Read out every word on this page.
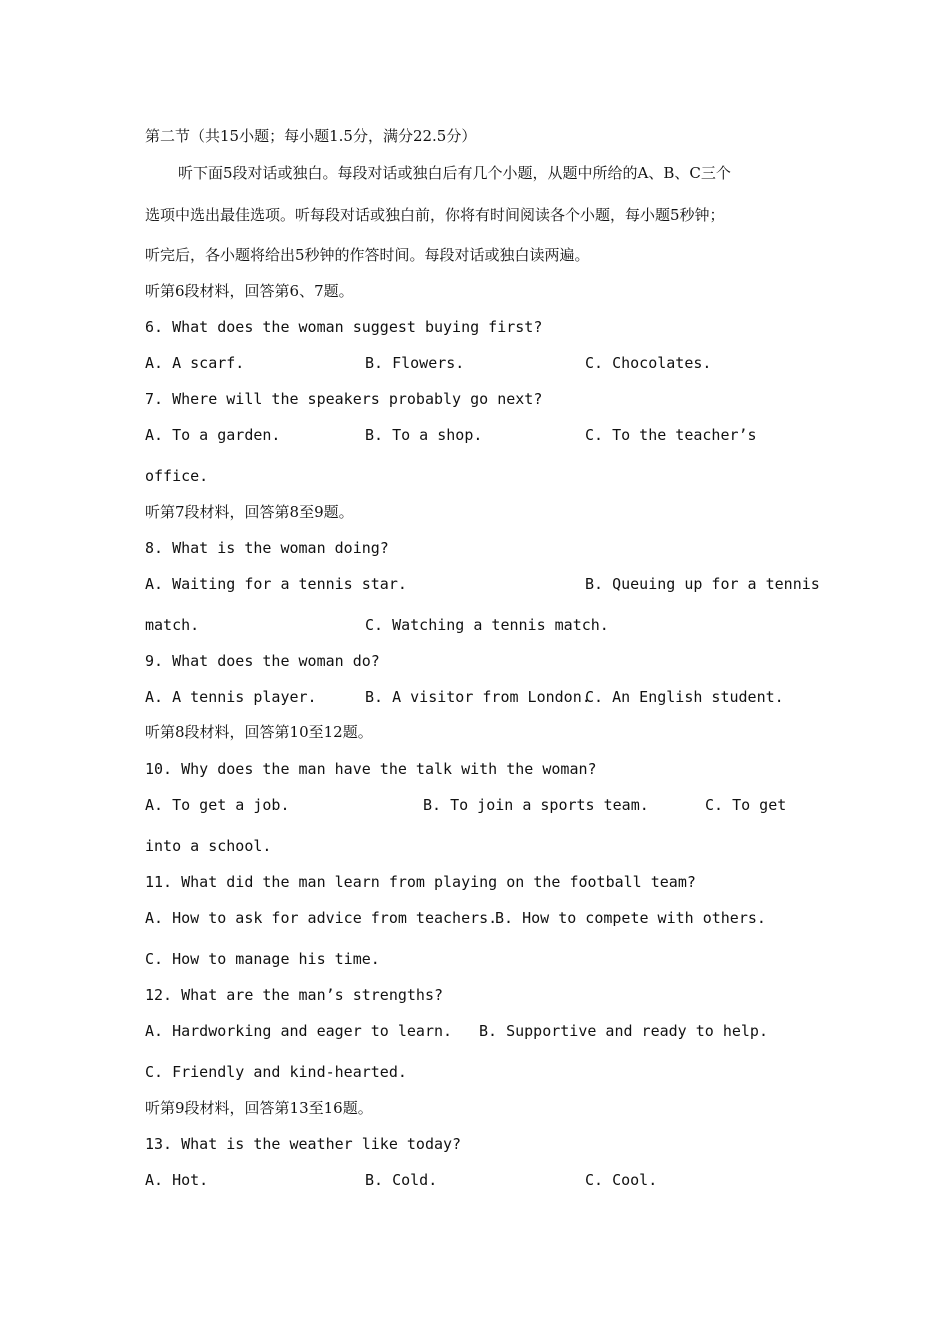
第二节（共15小题；每小题1.5分，满分22.5分）
听下面5段对话或独白。每段对话或独白后有几个小题，从题中所给的A、B、C三个
选项中选出最佳选项。听每段对话或独白前，你将有时间阅读各个小题，每小题5秒钟；
听完后，各小题将给出5秒钟的作答时间。每段对话或独白读两遍。
听第6段材料，回答第6、7题。
6. What does the woman suggest buying first?
A. A scarf.	B. Flowers.	C. Chocolates.
7. Where will the speakers probably go next?
A. To a garden.	B. To a shop.	C. To the teacher’s
office.
听第7段材料，回答第8至9题。
8. What is the woman doing?
A. Waiting for a tennis star.	B. Queuing up for a tennis
match.	C. Watching a tennis match.
9. What does the woman do?
A. A tennis player.	B. A visitor from London.
C. An English student.
听第8段材料，回答第10至12题。
10. Why does the man have the talk with the woman?
A. To get a job.	B. To join a sports team.	C. To get
into a school.
11. What did the man learn from playing on the football team?
A. How to ask for advice from teachers.
B. How to compete with others.
C. How to manage his time.
12. What are the man’s strengths?
A. Hardworking and eager to learn. B. Supportive and ready to help.
C. Friendly and kind-hearted.
听第9段材料，回答第13至16题。
13. What is the weather like today?
A. Hot.	B. Cold.	C. Cool.
